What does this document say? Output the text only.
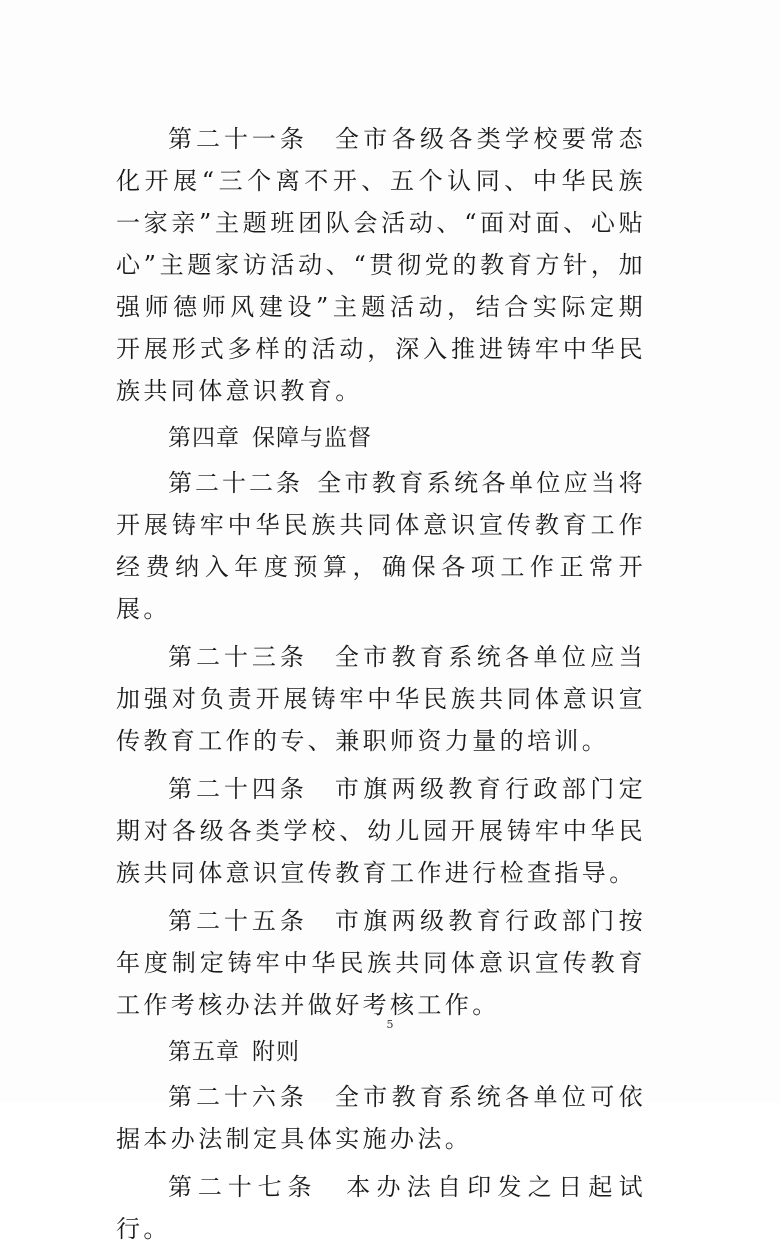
第二十一条 全市各级各类学校要常态化开展“三个离不开、五个认同、中华民族一家亲”主题班团队会活动、“面对面、心贴心”主题家访活动、“贯彻党的教育方针，加强师德师风建设”主题活动，结合实际定期开展形式多样的活动，深入推进铸牢中华民族共同体意识教育。

第四章 保障与监督

第二十二条 全市教育系统各单位应当将开展铸牢中华民族共同体意识宣传教育工作经费纳入年度预算，确保各项工作正常开展。

第二十三条 全市教育系统各单位应当加强对负责开展铸牢中华民族共同体意识宣传教育工作的专、兼职师资力量的培训。

第二十四条 市旗两级教育行政部门定期对各级各类学校、幼儿园开展铸牢中华民族共同体意识宣传教育工作进行检查指导。

第二十五条 市旗两级教育行政部门按年度制定铸牢中华民族共同体意识宣传教育工作考核办法并做好考核工作。

第五章 附则

第二十六条 全市教育系统各单位可依据本办法制定具体实施办法。

第二十七条 本办法自印发之日起试行。

5
